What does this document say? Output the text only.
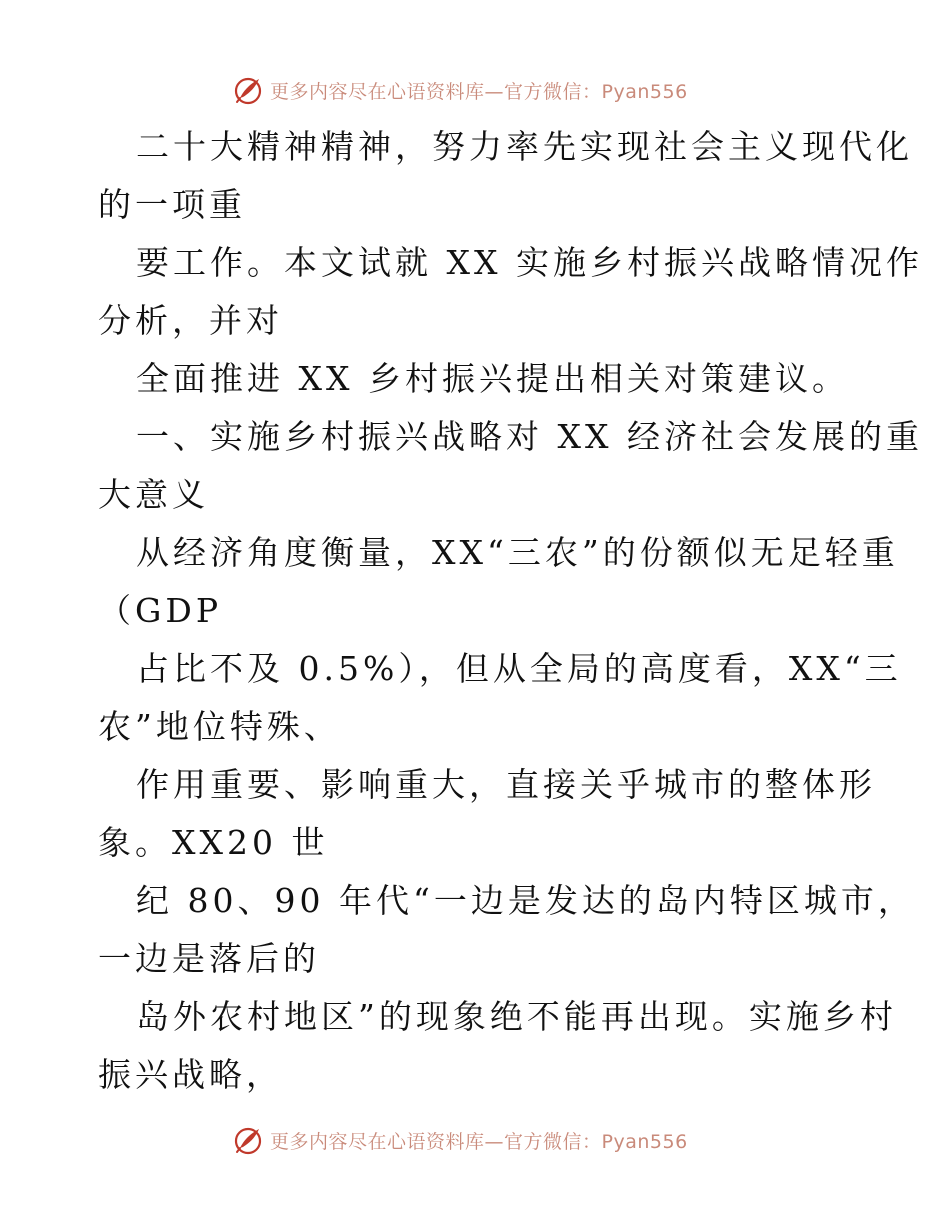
更多内容尽在心语资料库—官方微信：Pyan556
二十大精神精神，努力率先实现社会主义现代化
的一项重
要工作。本文试就 XX 实施乡村振兴战略情况作
分析，并对
全面推进 XX 乡村振兴提出相关对策建议。
一、实施乡村振兴战略对 XX 经济社会发展的重
大意义
从经济角度衡量，XX“三农”的份额似无足轻重
（GDP
占比不及 0.5%），但从全局的高度看，XX“三
农”地位特殊、
作用重要、影响重大，直接关乎城市的整体形
象。XX20 世
纪 80、90 年代“一边是发达的岛内特区城市，
一边是落后的
岛外农村地区”的现象绝不能再出现。实施乡村
振兴战略，
更多内容尽在心语资料库—官方微信：Pyan556
